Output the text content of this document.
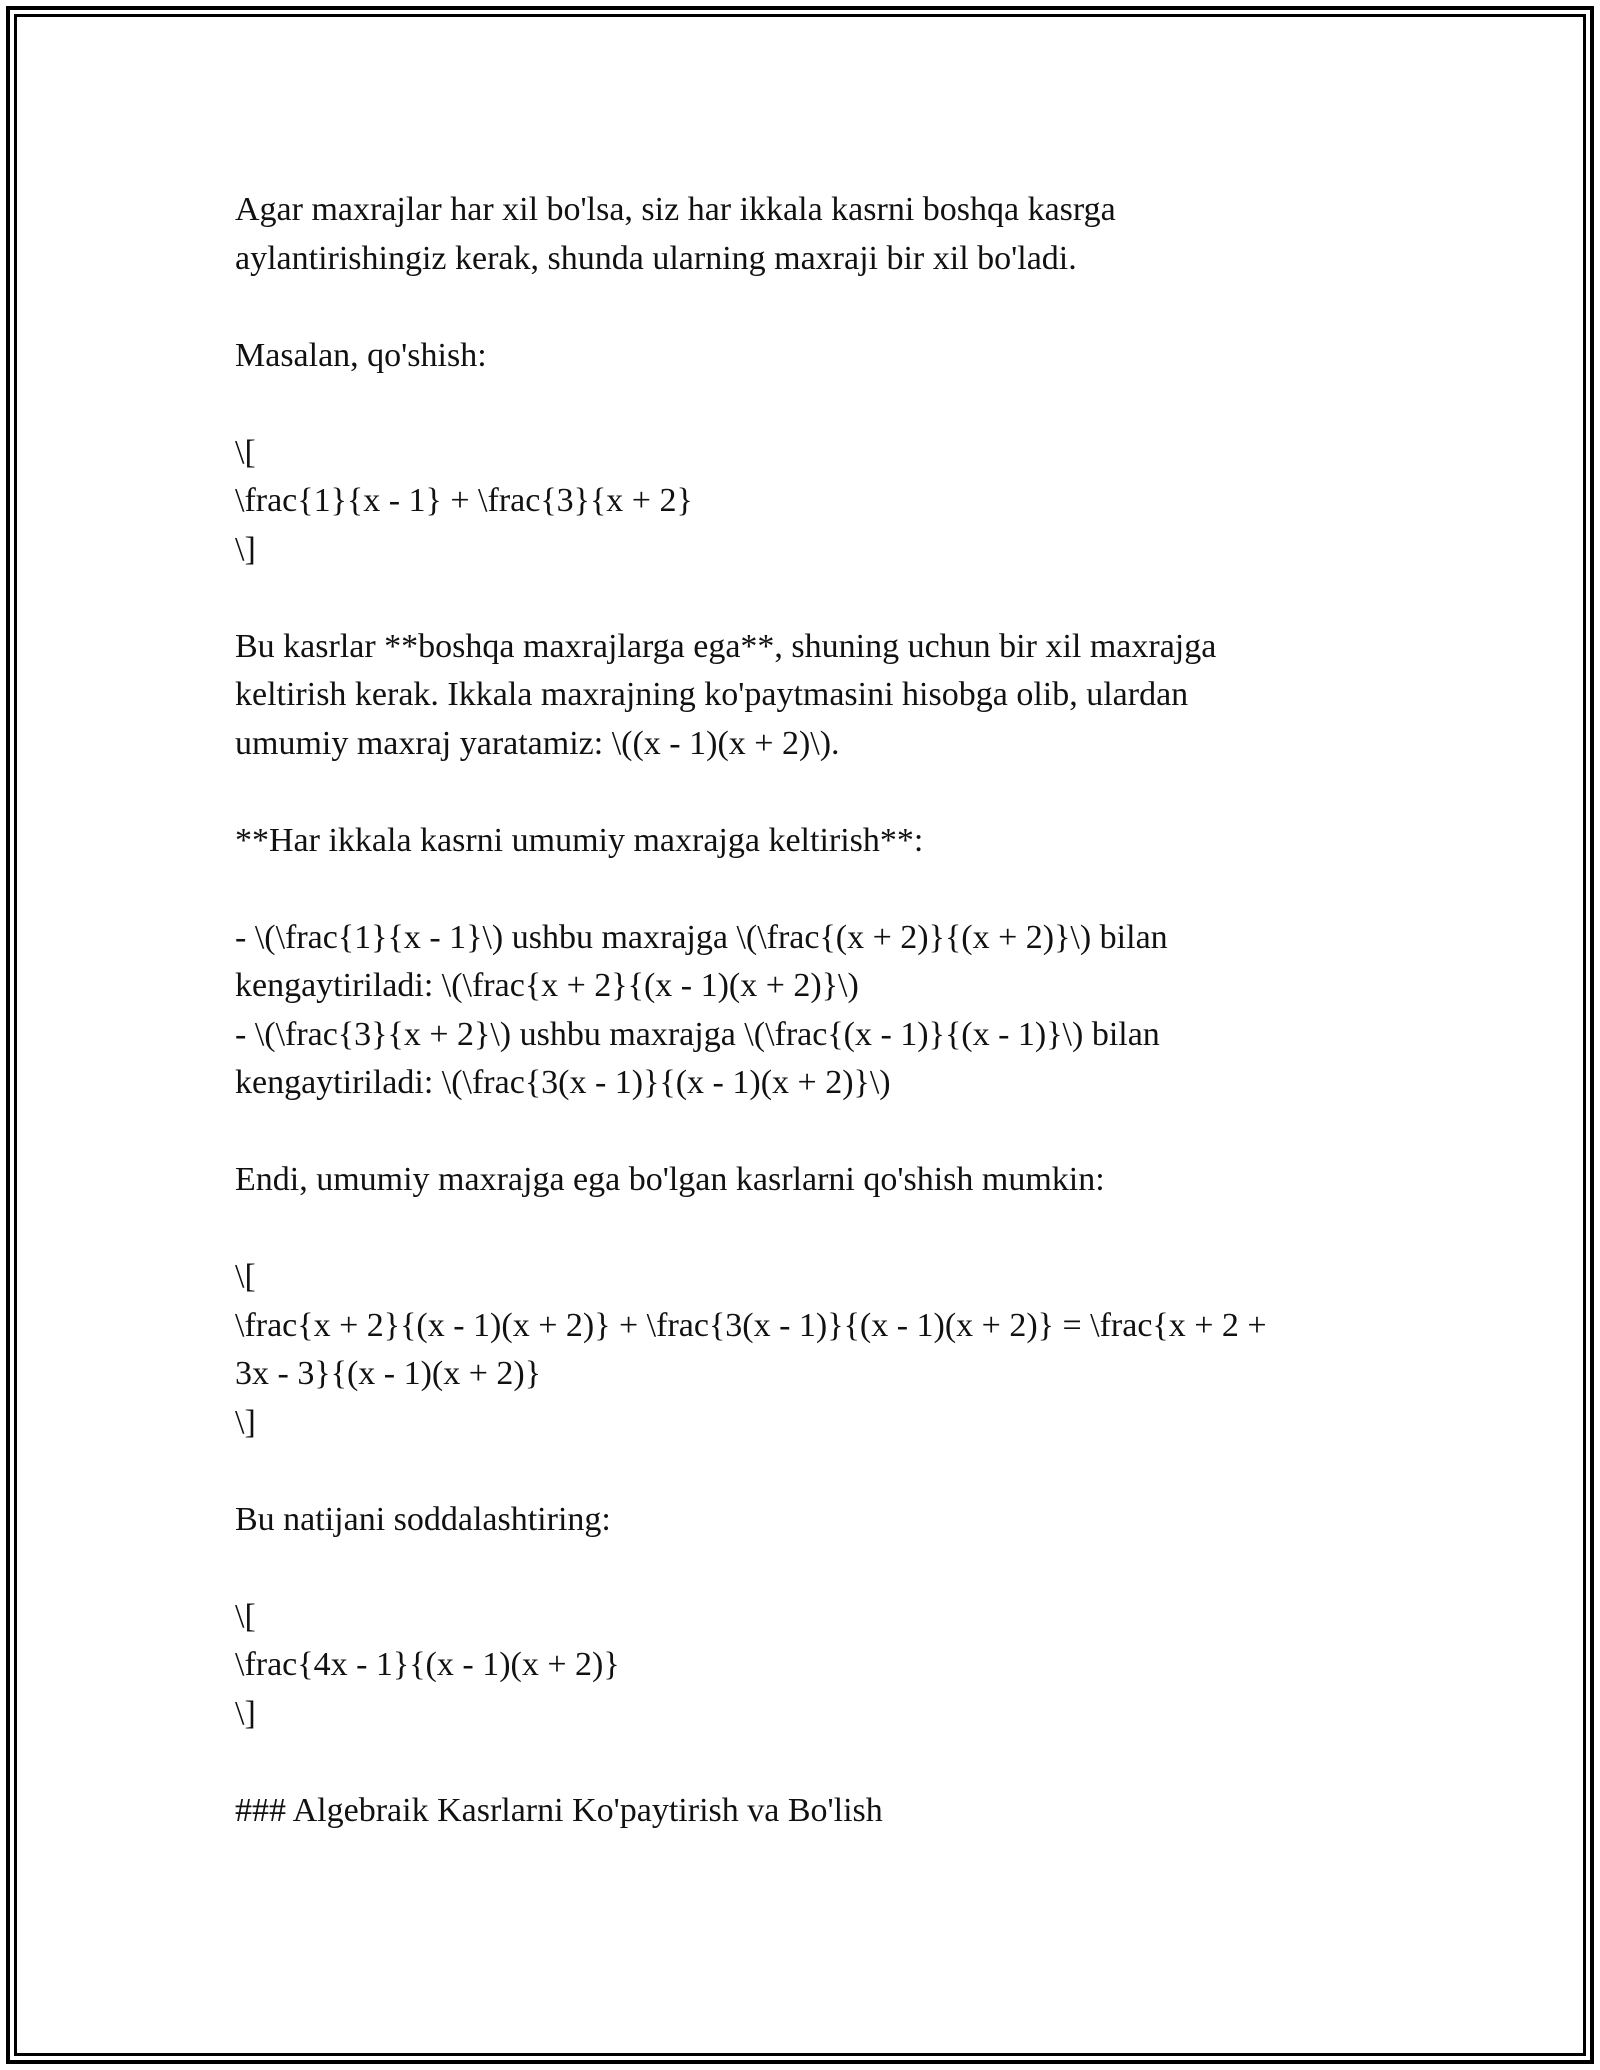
Agar maxrajlar har xil bo'lsa, siz har ikkala kasrni boshqa kasrga
aylantirishingiz kerak, shunda ularning maxraji bir xil bo'ladi.
Masalan, qo'shish:
\[
\frac{1}{x - 1} + \frac{3}{x + 2}
\]
Bu kasrlar **boshqa maxrajlarga ega**, shuning uchun bir xil maxrajga
keltirish kerak. Ikkala maxrajning ko'paytmasini hisobga olib, ulardan
umumiy maxraj yaratamiz: \((x - 1)(x + 2)\).
**Har ikkala kasrni umumiy maxrajga keltirish**:
- \(\frac{1}{x - 1}\) ushbu maxrajga \(\frac{(x + 2)}{(x + 2)}\) bilan
kengaytiriladi: \(\frac{x + 2}{(x - 1)(x + 2)}\)
- \(\frac{3}{x + 2}\) ushbu maxrajga \(\frac{(x - 1)}{(x - 1)}\) bilan
kengaytiriladi: \(\frac{3(x - 1)}{(x - 1)(x + 2)}\)
Endi, umumiy maxrajga ega bo'lgan kasrlarni qo'shish mumkin:
\[
\frac{x + 2}{(x - 1)(x + 2)} + \frac{3(x - 1)}{(x - 1)(x + 2)} = \frac{x + 2 +
3x - 3}{(x - 1)(x + 2)}
\]
Bu natijani soddalashtiring:
\[
\frac{4x - 1}{(x - 1)(x + 2)}
\]
### Algebraik Kasrlarni Ko'paytirish va Bo'lish
